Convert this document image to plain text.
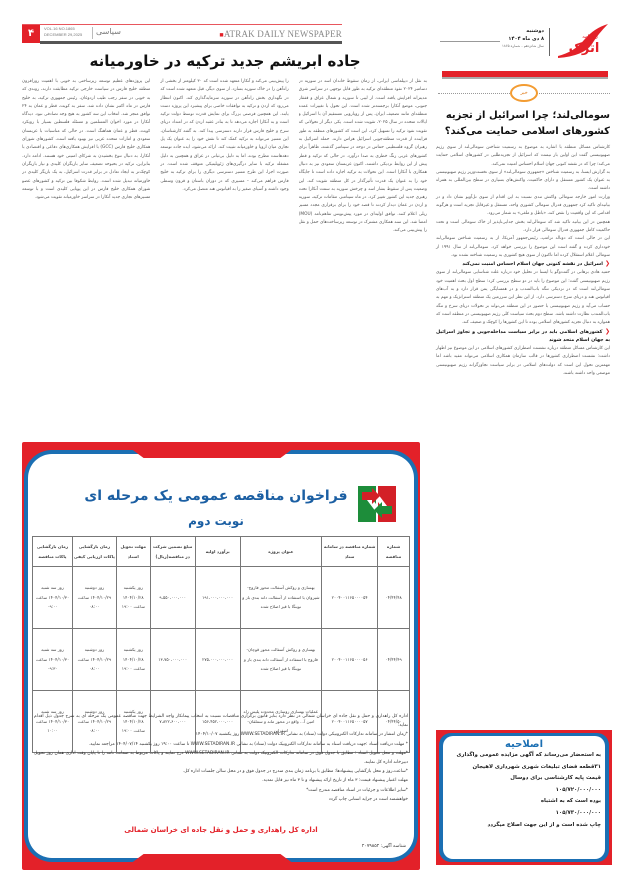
۴	VOL.16 NO.1865
DECEMBER 29,2025 سیاسی	■ATRAK DAILY NEWSPAPER
جاده ابریشم جدید ترکیه در خاورمیانه
به نقل از دیپلماسی ایرانی، از زمان سقوط خاندان اسد در سوریه در دسامبر ۲۰۲۴ نفوذ منطقه‌ای ترکیه به طور قابل توجهی در سراسر شرق مدیترانه افزایش یافته است. از لیبی تا سوریه و شمال عراق و قفقاز جنوبی، موضع آنکارا برجسته‌تر شده است. این تحول با تغییرات عمده منطقه‌ای مانند تضعیف ایران، پس از رویارویی مستقیم آن با اسرائیل و ایالات متحده در سال ۲۰۲۵، تقویت شده است. یکی دیگر از تحولاتی که تقویت نفوذ ترکیه را تسهیل کرد، این است که کشورهای منطقه به طور فزاینده از قدرت منطقه‌جویی اسرائیل هراس دارند. حمله اسرائیل به رهبران گروه فلسطینی حماس در دوحه در سپتامبر گذشته، ظاهراً برای کشورهای عربی زنگ خطری به صدا درآورد. در حالی که ترکیه و قطر پیش از این روابط نزدیکی داشتند، اکنون عربستان سعودی نیز به دنبال همکاری با آنکارا است. این تحولات به ترکیه اجازه داده است تا جایگاه خود را به عنوان یک قدرت تأثیرگذار در کل منطقه تقویت کند. این وضعیت پس از سقوط بشار اسد و چرخش سوریه به سمت آنکارا تحت رهبری جدید این کشور تغییر کرد. در ماه سپتامبر، مقامات ترکیه، سوریه و اردن در عمان دیدار کردند تا قصد خود را برای برقراری مجدد مسیر ریلی اعلام کنند. توافق اولیه‌ای در مورد پیش‌نویس تفاهم‌نامه (MOU) امضا شد. این سند همکاری مشترک در توسعه زیرساخت‌های حمل و نقل را پیش‌بینی می‌کند.
را پیش‌بینی می‌کند و آنکارا متعهد شده است که ۳۰ کیلومتر از بخشی از راه‌آهن را در خاک سوریه بسازد. از سوی دیگر، قبل متعهد شده است که در نگهداری بخش راه‌آهن در سوریه سرمایه‌گذاری کند. اکنون انتظار می‌رود که اردن و ترکیه به توافقات خاصی برای پیشبرد این پروژه دست یابند. این همچنین فرصتی بزرگ برای نمایش قدرت توسط دولت ترکیه است و به آنکارا اجازه می‌دهد تا به بنادر عقبه اردن که در امتداد دریای سرخ و خلیج فارس قرار دارند دسترسی پیدا کند. به گفته کارشناسان، این مسیر می‌تواند به ترکیه کمک کند تا نقش خود را به عنوان یک پل تجاری میان اروپا و خاورمیانه تثبیت کند. ارائه می‌شود، ایده جاده توسعه دهه‌هاست مطرح بوده، اما به دلیل بی‌ثباتی در عراق و همچنین به دلیل مشغله ترکیه با سایر درگیری‌های ژئوپلیتیکی متوقف شده است. در صورت اجرا، این طرح مسیر دسترسی دیگری را برای ترکیه به خلیج فارس فراهم می‌کند – مسیری که در دوران باستان و قرون وسطی وجود داشته و آسیای صغیر را به اقیانوس هند متصل می‌کرد.
این پروژه‌های عظیم توسعه زیرساختی به خوبی با اهمیت روزافزون منطقه خلیج فارس در سیاست خارجی ترکیه مطابقت دارند، روندی که به خوبی در سفر رجب طیب اردوغان، رئیس جمهوری ترکیه، به خلیج فارس در ماه اکتبر نشان داده شد. سفر به کویت، قطر و عمان به ۲۴ توافق منجر شد. انتخاب این سه کشور به هیچ وجه تصادفی نبود. دیدگاه آنکارا در مورد اخوان المسلمین و مسئله فلسطین بسیار با رویکرد کویت، قطر و عمان هماهنگ است. در حالی که مناسبات با عربستان سعودی و امارات متحده عربی نیز بهبود یافته است، کشورهای شورای همکاری خلیج فارس (GCC) با افزایش همکاری‌های دفاعی و اقتصادی با آنکارا، به دنبال تنوع بخشیدن به شرکای امنیتی خود هستند. ادامه دارد. بنابراین، ترکیه در بحبوحه تضعیف سایر بازیگران کلیدی و نیاز بازیگران کوچک‌تر به ایجاد تعادل در برابر قدرت اسرائیل، به یک بازیگر کلیدی در خاورمیانه تبدیل شده است. روابط شکوفا بین ترکیه و کشورهای عضو شورای همکاری خلیج فارس در این پویایی کلیدی است و با توسعه مسیرهای تجاری جدید آنکارا در سراسر خاورمیانه تقویت می‌شود.
فراخوان مناقصه عمومی یک مرحله ای
نوبت دوم
شماره مناقصه	شماره مناقصه در سامانه ستاد	عنوان پروژه	برآورد اولیه	مبلغ تضمین شرکت در مناقصه(ریال)	مهلت تحویل اسناد	زمان بازگشایی پاکات ارزیابی کیفی	زمان بازگشایی پاکات مناقصه
۰۴/۴۴/۴۸	۲۰۰۴۰۰۱۱۶۵۰۰۰۰۵۴	بهسازی و روکش آسفالت محور فاروج- شیروان با استفاده از آسفالت دانه بندی باز و نوینگا با قیر اصلاح شده	۱۹۱،۰۰۰،۰۰۰،۰۰۰	۹،۵۵۰،۰۰۰،۰۰۰	روز یکشنبه ۱۴۰۴/۱۰/۲۸ ساعت ۱۹:۰۰	روز دوشنبه ۱۴۰۴/۱۰/۲۹ ساعت ۰۸:۰۰	روز سه شنبه ۱۴۰۴/۱۰/۳۰ ساعت ۰۹:۰۰
۰۴/۴۴/۴۹	۲۰۰۴۰۰۱۱۶۵۰۰۰۰۵۶	بهسازی و روکش آسفالت محور قوچان- فاروج با استفاده از آسفالت دانه بندی باز و نوینگا با قیر اصلاح شده	۲۷۵،۰۰۰،۰۰۰،۰۰۰	۱۳،۷۵۰،۰۰۰،۰۰۰	روز یکشنبه ۱۴۰۴/۱۰/۲۸ ساعت ۱۹:۰۰	روز دوشنبه ۱۴۰۴/۱۰/۲۹ ساعت ۰۸:۰۰	روز سه شنبه ۱۴۰۴/۱۰/۳۰ ساعت ۰۹:۳۰
۰۴/۴۴/۵۰	۲۰۰۴۰۰۱۱۶۵۰۰۰۰۵۷	عملیات بهسازی روسازی محدوده پلیس راه امین آ... واقع در محور مانه و سملقان- اسفراین	۱۵۶،۴۵۲،۰۰۰،۰۰۰	۷،۸۲۲،۶۰۰،۰۰۰	روز یکشنبه ۱۴۰۴/۱۰/۲۸ ساعت ۱۹:۰۰	روز دوشنبه ۱۴۰۴/۱۰/۲۹ ساعت ۰۸:۰۰	روز سه شنبه ۱۴۰۴/۱۰/۳۰ ساعت ۱۰:۰۰
اداره کل راهداری و حمل و نقل جاده ای خراسان شمالی در نظر دارد بنابر قانون برگزاری مناقصات نسبت به انتخاب پیمانکار واجد الشرایط جهت مناقصه عمومی یک مرحله ای به شرح جدول ذیل اقدام نماید:
*زمان انتشار در سامانه تدارکات الکترونیکی دولت (ستاد) به نشانی WWW.SETADIRAN.IR روز یکشنبه ۱۴۰۴/۱۰/۰۷
* مهلت دریافت اسناد :جهت دریافت اسناد به سامانه تدارکات الکترونیک دولت (ستاد) به نشانی WWW.SETADIRAN.IR تا ساعت ۱۹:۰۰ روز یکشنبه ۱۴۰۴/۰۷/۱۴ مراجعه نمایید.
*مهلت و محل تحویل اسناد : مطابق با جدول فوق در سامانه تدارکات الکترونیک دولت به نشانی WWW.SETADIRAN.IR درج نمایند و پاکات مربوط به ضمانت نامه را تا پایان وقت اداری همان روز تحویل دبیرخانه اداره کل نمایند.
*ساعت،روز و محل بازگشایی پیشنهادها: مطابق با برنامه زمان بندی مندرج در جدول فوق و در محل سالن جلسات اداره کل.
مهلت اعتبار پیشنهاد قیمت: ۳ ماه از تاریخ ارائه پیشنهاد و تا ۳ ماه نیز قابل تمدید.
*سایر اطلاعات و جزئیات در اسناد مناقصه مندرج است*
خواهشمند است در جراید استانی چاپ گردد
اداره کل راهداری و حمل و نقل جاده ای خراسان شمالی
شناسه آگهی: ۲۰۷۹۸۵۲
اترک
روزنامه
دوشنبه
۸ دی ماه ۱۴۰۴
سال شانزدهم - شماره ۱۸۶۵
خبر
سومالی‌لند؛ چرا اسرائیل از تجزیه کشورهای اسلامی حمایت می‌کند؟

کارشناس مسائل منطقه با اشاره به موضوع به رسمیت شناختن سومالی‌لند از سوی رژیم صهیونیستی گفت این اولین بار نیست که اسرائیل از تجزیه‌طلبی در کشورهای اسلامی حمایت می‌کند؛ چرا که در نقشه کنونی جهان اسلام احساس امنیت نمی‌کند.

به گزارش ایسنا، به رسمیت شناختن «جمهوری سومالی‌لند» از سوی نخست‌وزیر رژیم صهیونیستی به عنوان یک کشور مستقل و دارای حاکمیت، واکنش‌های بسیاری در سطح بین‌المللی به همراه داشته است.

وزارت امور خارجه سومالی واکنش تندی نسبت به این اقدام از سوی تل‌آویو نشان داد و در بیانیه‌ای تاکید کرد جمهوری فدرال سومالی کشوری واحد، مستقل و غیرقابل تجزیه است و هرگونه اقدامی که این واقعیت را نقض کند، «باطل و ملغی» به شمار می‌رود.

همچنین در این بیانیه تاکید شد که سومالی‌لند بخش جدایی‌ناپذیر از خاک سومالی است و تحت حاکمیت کامل جمهوری فدرال سومالی قرار دارد.

این در حالی است که دونالد ترامپ، رئیس‌جمهور آمریکا، از به رسمیت شناختن سومالی‌لند خودداری کرده و گفته است این موضوع را بررسی خواهد کرد. سومالی‌لند از سال ۱۹۹۱ از سومالی اعلام استقلال کرده اما تاکنون از سوی هیچ کشوری به رسمیت شناخته نشده بود.

❮ اسرائیل در نقشه کنونی جهان اسلام احساس امنیت نمی‌کند

حمید هادی برهانی در گفت‌وگو با ایسنا در تحلیل خود درباره علت شناسایی سومالی‌لند از سوی رژیم صهیونیستی گفت: این موضوع را باید در دو سطح بررسی کرد؛ سطح اول بحث اهمیت خود سومالی‌لند است که در نزدیکی تنگه باب‌المندب و در همسایگی یمن قرار دارد و به آب‌های اقیانوس هند و دریای سرخ دسترسی دارد. از این نظر این سرزمین یک منطقه استراتژیک و مهم به حساب می‌آید و رژیم صهیونیستی با حضور در این منطقه می‌تواند بر تحولات دریای سرخ و تنگه باب‌المندب نظارت داشته باشد. سطح دوم بحث سیاست کلی رژیم صهیونیستی در منطقه است که همواره به دنبال تجزیه کشورهای اسلامی بوده تا این کشورها را کوچک و ضعیف کند.

❮ کشورهای اسلامی باید در برابر سیاست مداخله‌جویی و تجاوز اسرائیل به جهان اسلام متحد شوند

این کارشناس مسائل منطقه درباره نشست اضطراری کشورهای اسلامی در این موضوع نیز اظهار داشت: نشست اضطراری کشورها در قالب سازمان همکاری اسلامی می‌تواند مفید باشد اما مهمترین تحول این است که دولت‌های اسلامی در برابر سیاست تجاوزگرانه رژیم صهیونیستی موضعی واحد داشته باشند.

اصلاحیه
به استحضار می‌رساند که آگهی مزایده عمومی واگذاری
۳۱قطعه فضای تبلیغات شهری شهرداری لاهیجان
قیمت پایه کارشناسی برای دوسال
۱۰۵/۷۲۰/۰۰۰/۰۰۰
بوده است که به اشتباه
۱۰۵/۷۳۰/۰۰۰/۰۰۰
چاپ شده است و از این جهت اصلاح میگردد
